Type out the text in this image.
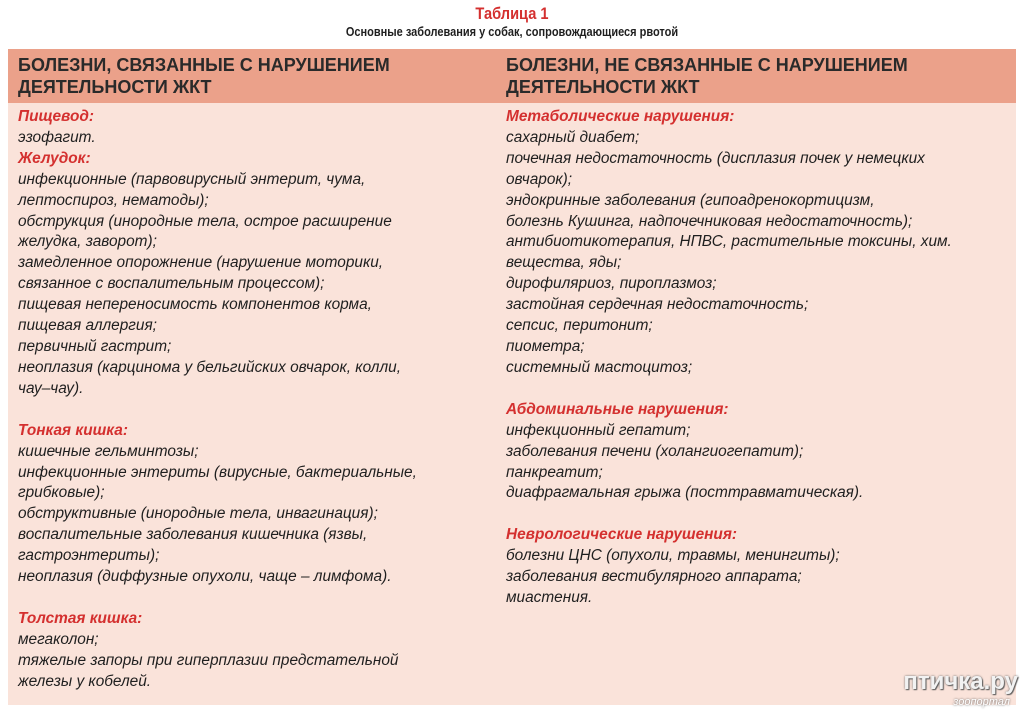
Таблица 1
Основные заболевания у собак, сопровождающиеся рвотой
БОЛЕЗНИ, СВЯЗАННЫЕ С НАРУШЕНИЕМ
ДЕЯТЕЛЬНОСТИ ЖКТ
БОЛЕЗНИ, НЕ СВЯЗАННЫЕ С НАРУШЕНИЕМ
ДЕЯТЕЛЬНОСТИ ЖКТ
Пищевод:
эзофагит.
Желудок:
инфекционные (парвовирусный энтерит, чума,
лептоспироз, нематоды);
обструкция (инородные тела, острое расширение
желудка, заворот);
замедленное опорожнение (нарушение моторики,
связанное с воспалительным процессом);
пищевая непереносимость компонентов корма,
пищевая аллергия;
первичный гастрит;
неоплазия (карцинома у бельгийских овчарок, колли,
чау–чау).
Тонкая кишка:
кишечные гельминтозы;
инфекционные энтериты (вирусные, бактериальные,
грибковые);
обструктивные (инородные тела, инвагинация);
воспалительные заболевания кишечника (язвы,
гастроэнтериты);
неоплазия (диффузные опухоли, чаще – лимфома).
Толстая кишка:
мегаколон;
тяжелые запоры при гиперплазии предстательной
железы у кобелей.
Метаболические нарушения:
сахарный диабет;
почечная недостаточность (дисплазия почек у немецких
овчарок);
эндокринные заболевания (гипоадренокортицизм,
болезнь Кушинга, надпочечниковая недостаточность);
антибиотикотерапия, НПВС, растительные токсины, хим.
вещества, яды;
дирофиляриоз, пироплазмоз;
застойная сердечная недостаточность;
сепсис, перитонит;
пиометра;
системный мастоцитоз;
Абдоминальные нарушения:
инфекционный гепатит;
заболевания печени (холангиогепатит);
панкреатит;
диафрагмальная грыжа (посттравматическая).
Неврологические нарушения:
болезни ЦНС (опухоли, травмы, менингиты);
заболевания вестибулярного аппарата;
миастения.
птичка.ру
зоопортал
